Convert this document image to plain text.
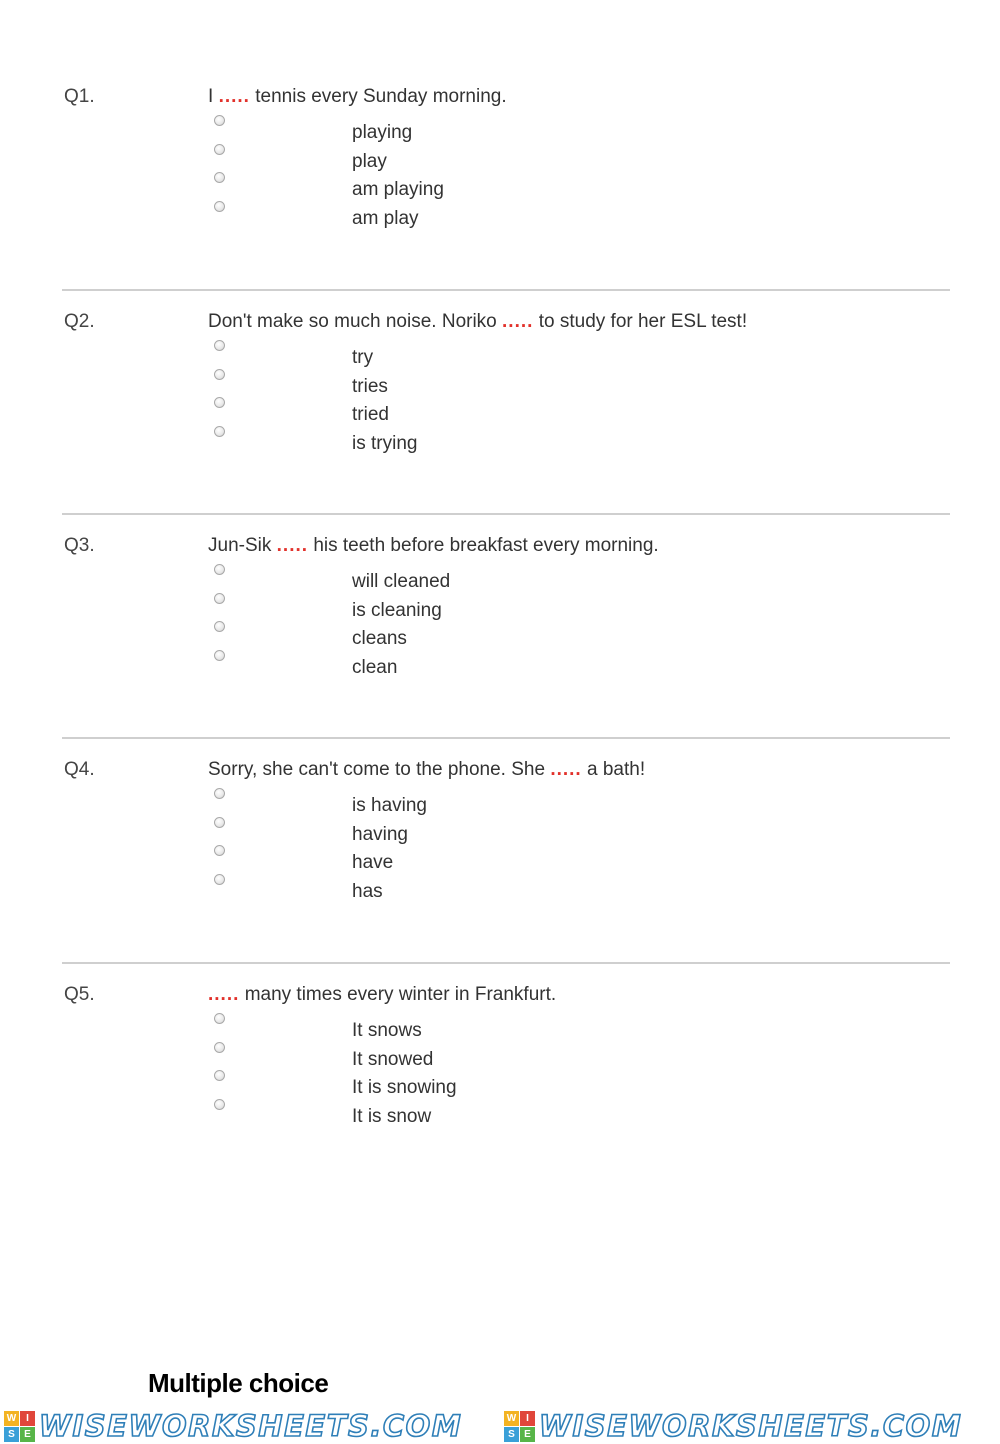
Q1.	I ..... tennis every Sunday morning.
playing
play
am playing
am play
Q2.	Don't make so much noise. Noriko ..... to study for her ESL test!
try
tries
tried
is trying
Q3.	Jun-Sik ..... his teeth before breakfast every morning.
will cleaned
is cleaning
cleans
clean
Q4.	Sorry, she can't come to the phone. She ..... a bath!
is having
having
have
has
Q5.	..... many times every winter in Frankfurt.
It snows
It snowed
It is snowing
It is snow
Multiple choice
W I
S E WISEWORKSHEETS.COM	W I
S E WISEWORKSHEETS.COM
